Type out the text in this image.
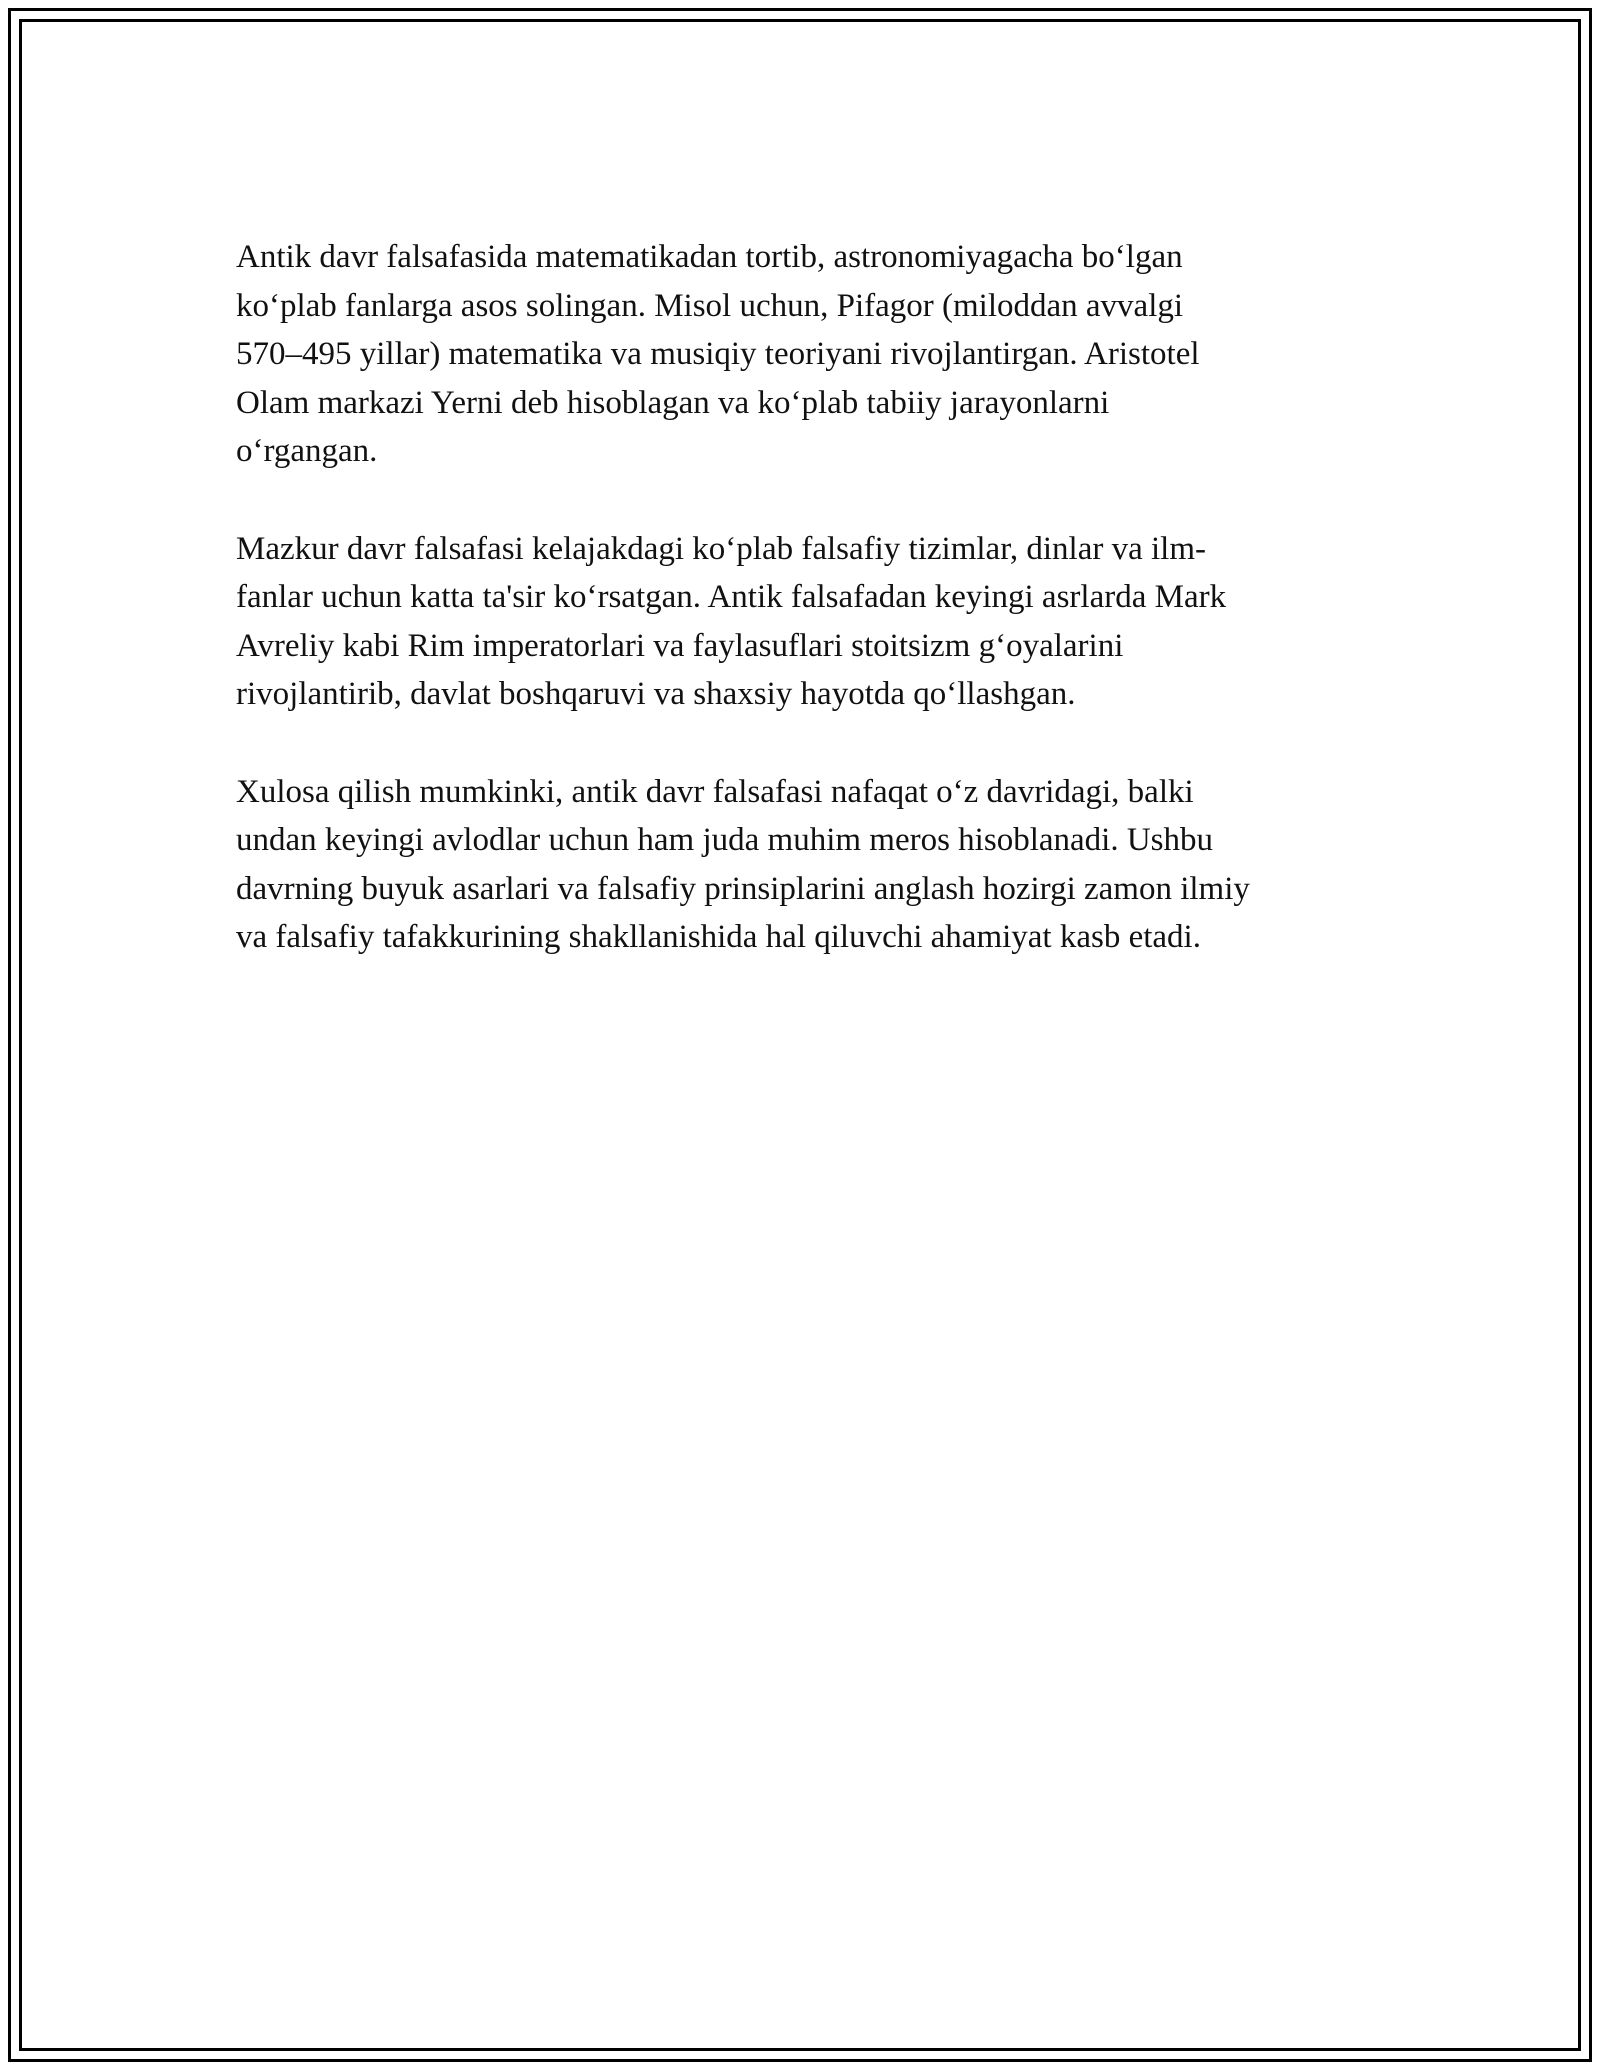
Antik davr falsafasida matematikadan tortib, astronomiyagacha bo‘lgan
ko‘plab fanlarga asos solingan. Misol uchun, Pifagor (miloddan avvalgi
570–495 yillar) matematika va musiqiy teoriyani rivojlantirgan. Aristotel
Olam markazi Yerni deb hisoblagan va ko‘plab tabiiy jarayonlarni
o‘rgangan.

Mazkur davr falsafasi kelajakdagi ko‘plab falsafiy tizimlar, dinlar va ilm-
fanlar uchun katta ta'sir ko‘rsatgan. Antik falsafadan keyingi asrlarda Mark
Avreliy kabi Rim imperatorlari va faylasuflari stoitsizm g‘oyalarini
rivojlantirib, davlat boshqaruvi va shaxsiy hayotda qo‘llashgan.

Xulosa qilish mumkinki, antik davr falsafasi nafaqat o‘z davridagi, balki
undan keyingi avlodlar uchun ham juda muhim meros hisoblanadi. Ushbu
davrning buyuk asarlari va falsafiy prinsiplarini anglash hozirgi zamon ilmiy
va falsafiy tafakkurining shakllanishida hal qiluvchi ahamiyat kasb etadi.
